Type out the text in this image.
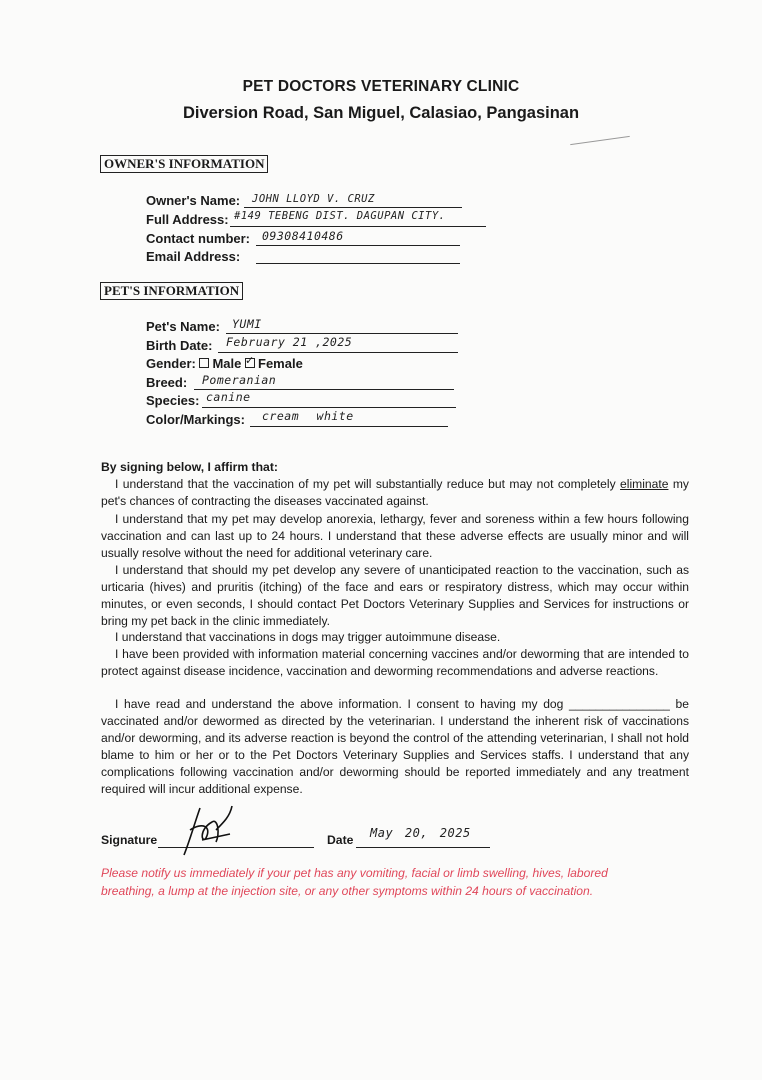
PET DOCTORS VETERINARY CLINIC
Diversion Road, San Miguel, Calasiao, Pangasinan
OWNER'S INFORMATION
Owner's Name: JOHN LLOYD V. CRUZ
Full Address: #149 TEBENG DIST. DAGUPAN CITY.
Contact number: 09308410486
Email Address:
PET'S INFORMATION
Pet's Name: YUMI
Birth Date: February 21 ,2025
Gender: Male ✓ Female
Breed: Pomeranian
Species: canine
Color/Markings: cream white
By signing below, I affirm that:

I understand that the vaccination of my pet will substantially reduce but may not completely eliminate my pet's chances of contracting the diseases vaccinated against.

I understand that my pet may develop anorexia, lethargy, fever and soreness within a few hours following vaccination and can last up to 24 hours. I understand that these adverse effects are usually minor and will usually resolve without the need for additional veterinary care.

I understand that should my pet develop any severe of unanticipated reaction to the vaccination, such as urticaria (hives) and pruritis (itching) of the face and ears or respiratory distress, which may occur within minutes, or even seconds, I should contact Pet Doctors Veterinary Supplies and Services for instructions or bring my pet back in the clinic immediately.

I understand that vaccinations in dogs may trigger autoimmune disease.

I have been provided with information material concerning vaccines and/or deworming that are intended to protect against disease incidence, vaccination and deworming recommendations and adverse reactions.

I have read and understand the above information. I consent to having my dog _______________ be vaccinated and/or dewormed as directed by the veterinarian. I understand the inherent risk of vaccinations and/or deworming, and its adverse reaction is beyond the control of the attending veterinarian, I shall not hold blame to him or her or to the Pet Doctors Veterinary Supplies and Services staffs. I understand that any complications following vaccination and/or deworming should be reported immediately and any treatment required will incur additional expense.

Signature	Date May 20, 2025
Please notify us immediately if your pet has any vomiting, facial or limb swelling, hives, labored breathing, a lump at the injection site, or any other symptoms within 24 hours of vaccination.
